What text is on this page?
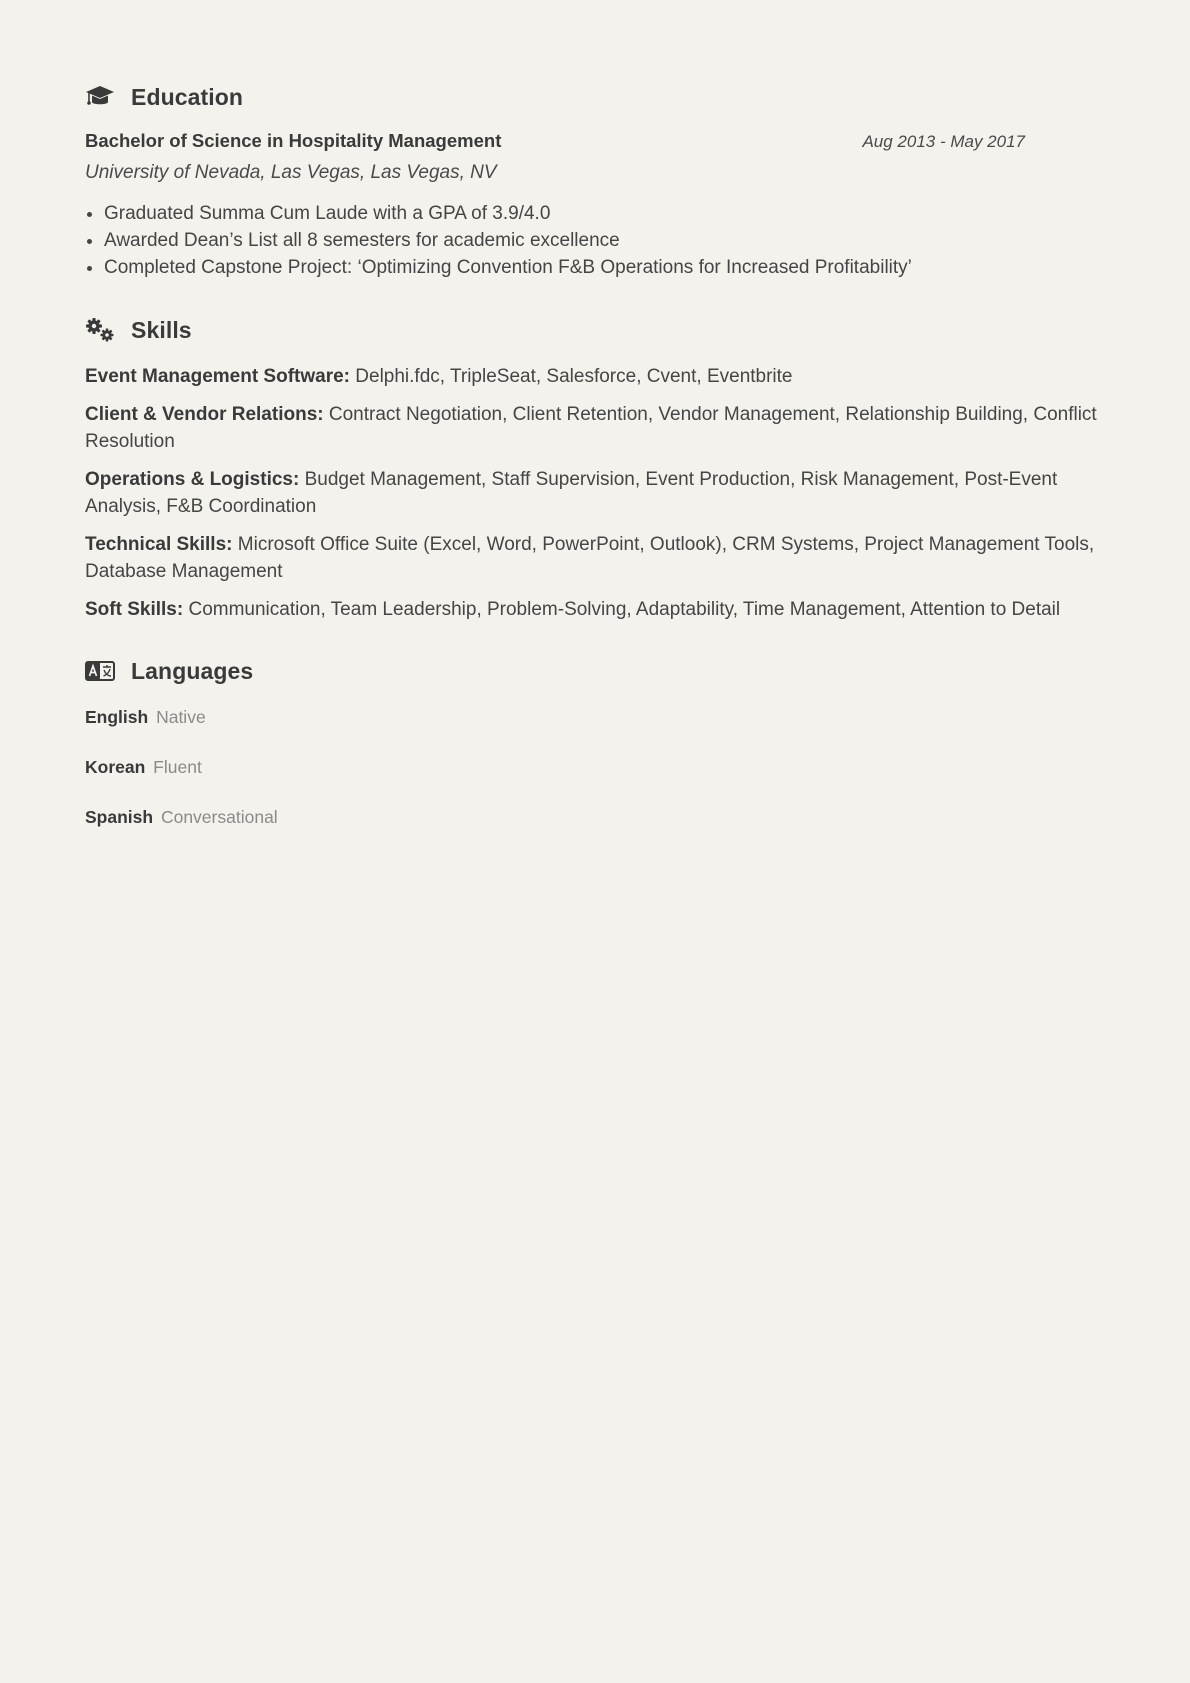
Education
Bachelor of Science in Hospitality Management	Aug 2013 - May 2017
University of Nevada, Las Vegas, Las Vegas, NV
• Graduated Summa Cum Laude with a GPA of 3.9/4.0
• Awarded Dean’s List all 8 semesters for academic excellence
• Completed Capstone Project: ‘Optimizing Convention F&B Operations for Increased Profitability’
Skills
Event Management Software: Delphi.fdc, TripleSeat, Salesforce, Cvent, Eventbrite
Client & Vendor Relations: Contract Negotiation, Client Retention, Vendor Management, Relationship Building, Conflict Resolution
Operations & Logistics: Budget Management, Staff Supervision, Event Production, Risk Management, Post-Event Analysis, F&B Coordination
Technical Skills: Microsoft Office Suite (Excel, Word, PowerPoint, Outlook), CRM Systems, Project Management Tools, Database Management
Soft Skills: Communication, Team Leadership, Problem-Solving, Adaptability, Time Management, Attention to Detail
Languages
English Native
Korean Fluent
Spanish Conversational
